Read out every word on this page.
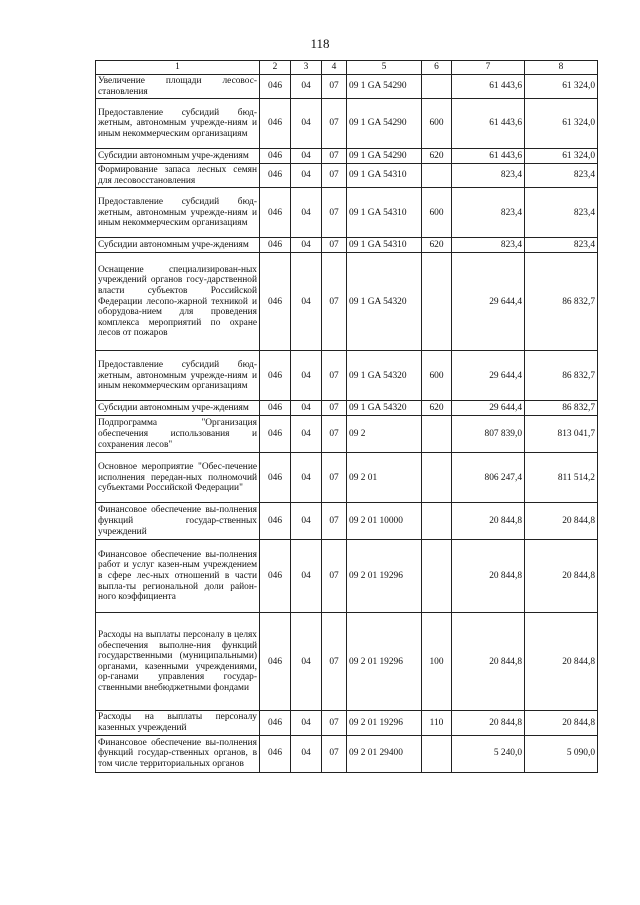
118
1	2	3	4	5	6	7	8
Увеличение площади лесовос-становления	046	04	07	09 1 GA 54290		61 443,6	61 324,0
Предоставление субсидий бюд-жетным, автономным учрежде-ниям и иным некоммерческим организациям	046	04	07	09 1 GA 54290	600	61 443,6	61 324,0
Субсидии автономным учре-ждениям	046	04	07	09 1 GA 54290	620	61 443,6	61 324,0
Формирование запаса лесных семян для лесовосстановления	046	04	07	09 1 GA 54310		823,4	823,4
Предоставление субсидий бюд-жетным, автономным учрежде-ниям и иным некоммерческим организациям	046	04	07	09 1 GA 54310	600	823,4	823,4
Субсидии автономным учре-ждениям	046	04	07	09 1 GA 54310	620	823,4	823,4
Оснащение специализирован-ных учреждений органов госу-дарственной власти субъектов Российской Федерации лесопо-жарной техникой и оборудова-нием для проведения комплекса мероприятий по охране лесов от пожаров	046	04	07	09 1 GA 54320		29 644,4	86 832,7
Предоставление субсидий бюд-жетным, автономным учрежде-ниям и иным некоммерческим организациям	046	04	07	09 1 GA 54320	600	29 644,4	86 832,7
Субсидии автономным учре-ждениям	046	04	07	09 1 GA 54320	620	29 644,4	86 832,7
Подпрограмма "Организация обеспечения использования и сохранения лесов"	046	04	07	09 2		807 839,0	813 041,7
Основное мероприятие "Обес-печение исполнения передан-ных полномочий субъектами Российской Федерации"	046	04	07	09 2 01		806 247,4	811 514,2
Финансовое обеспечение вы-полнения функций государ-ственных учреждений	046	04	07	09 2 01 10000		20 844,8	20 844,8
Финансовое обеспечение вы-полнения работ и услуг казен-ным учреждением в сфере лес-ных отношений в части выпла-ты региональной доли район-ного коэффициента	046	04	07	09 2 01 19296		20 844,8	20 844,8
Расходы на выплаты персоналу в целях обеспечения выполне-ния функций государственными (муниципальными) органами, казенными учреждениями, ор-ганами управления государ-ственными внебюджетными фондами	046	04	07	09 2 01 19296	100	20 844,8	20 844,8
Расходы на выплаты персоналу казенных учреждений	046	04	07	09 2 01 19296	110	20 844,8	20 844,8
Финансовое обеспечение вы-полнения функций государ-ственных органов, в том числе территориальных органов	046	04	07	09 2 01 29400		5 240,0	5 090,0
